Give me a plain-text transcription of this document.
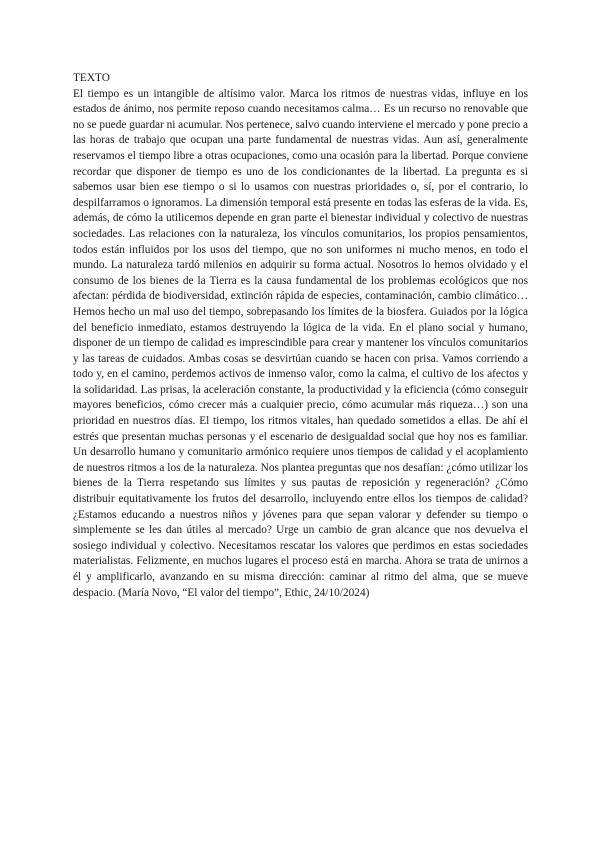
TEXTO

El tiempo es un intangible de altísimo valor. Marca los ritmos de nuestras vidas, influye en los estados de ánimo, nos permite reposo cuando necesitamos calma… Es un recurso no renovable que no se puede guardar ni acumular. Nos pertenece, salvo cuando interviene el mercado y pone precio a las horas de trabajo que ocupan una parte fundamental de nuestras vidas. Aun así, generalmente reservamos el tiempo libre a otras ocupaciones, como una ocasión para la libertad. Porque conviene recordar que disponer de tiempo es uno de los condicionantes de la libertad. La pregunta es si sabemos usar bien ese tiempo o si lo usamos con nuestras prioridades o, sí, por el contrario, lo despilfarramos o ignoramos. La dimensión temporal está presente en todas las esferas de la vida. Es, además, de cómo la utilicemos depende en gran parte el bienestar individual y colectivo de nuestras sociedades. Las relaciones con la naturaleza, los vínculos comunitarios, los propios pensamientos, todos están influidos por los usos del tiempo, que no son uniformes ni mucho menos, en todo el mundo. La naturaleza tardó milenios en adquirir su forma actual. Nosotros lo hemos olvidado y el consumo de los bienes de la Tierra es la causa fundamental de los problemas ecológicos que nos afectan: pérdida de biodiversidad, extinción rápida de especies, contaminación, cambio climático… Hemos hecho un mal uso del tiempo, sobrepasando los límites de la biosfera. Guiados por la lógica del beneficio inmediato, estamos destruyendo la lógica de la vida. En el plano social y humano, disponer de un tiempo de calidad es imprescindible para crear y mantener los vínculos comunitarios y las tareas de cuidados. Ambas cosas se desvirtúan cuando se hacen con prisa. Vamos corriendo a todo y, en el camino, perdemos activos de inmenso valor, como la calma, el cultivo de los afectos y la solidaridad. Las prisas, la aceleración constante, la productividad y la eficiencia (cómo conseguir mayores beneficios, cómo crecer más a cualquier precio, cómo acumular más riqueza…) son una prioridad en nuestros días. El tiempo, los ritmos vitales, han quedado sometidos a ellas. De ahí el estrés que presentan muchas personas y el escenario de desigualdad social que hoy nos es familiar. Un desarrollo humano y comunitario armónico requiere unos tiempos de calidad y el acoplamiento de nuestros ritmos a los de la naturaleza. Nos plantea preguntas que nos desafían: ¿cómo utilizar los bienes de la Tierra respetando sus límites y sus pautas de reposición y regeneración? ¿Cómo distribuir equitativamente los frutos del desarrollo, incluyendo entre ellos los tiempos de calidad? ¿Estamos educando a nuestros niños y jóvenes para que sepan valorar y defender su tiempo o simplemente se les dan útiles al mercado? Urge un cambio de gran alcance que nos devuelva el sosiego individual y colectivo. Necesitamos rescatar los valores que perdimos en estas sociedades materialistas. Felizmente, en muchos lugares el proceso está en marcha. Ahora se trata de unirnos a él y amplificarlo, avanzando en su misma dirección: caminar al ritmo del alma, que se mueve despacio. (María Novo, “El valor del tiempo”, Ethic, 24/10/2024)
